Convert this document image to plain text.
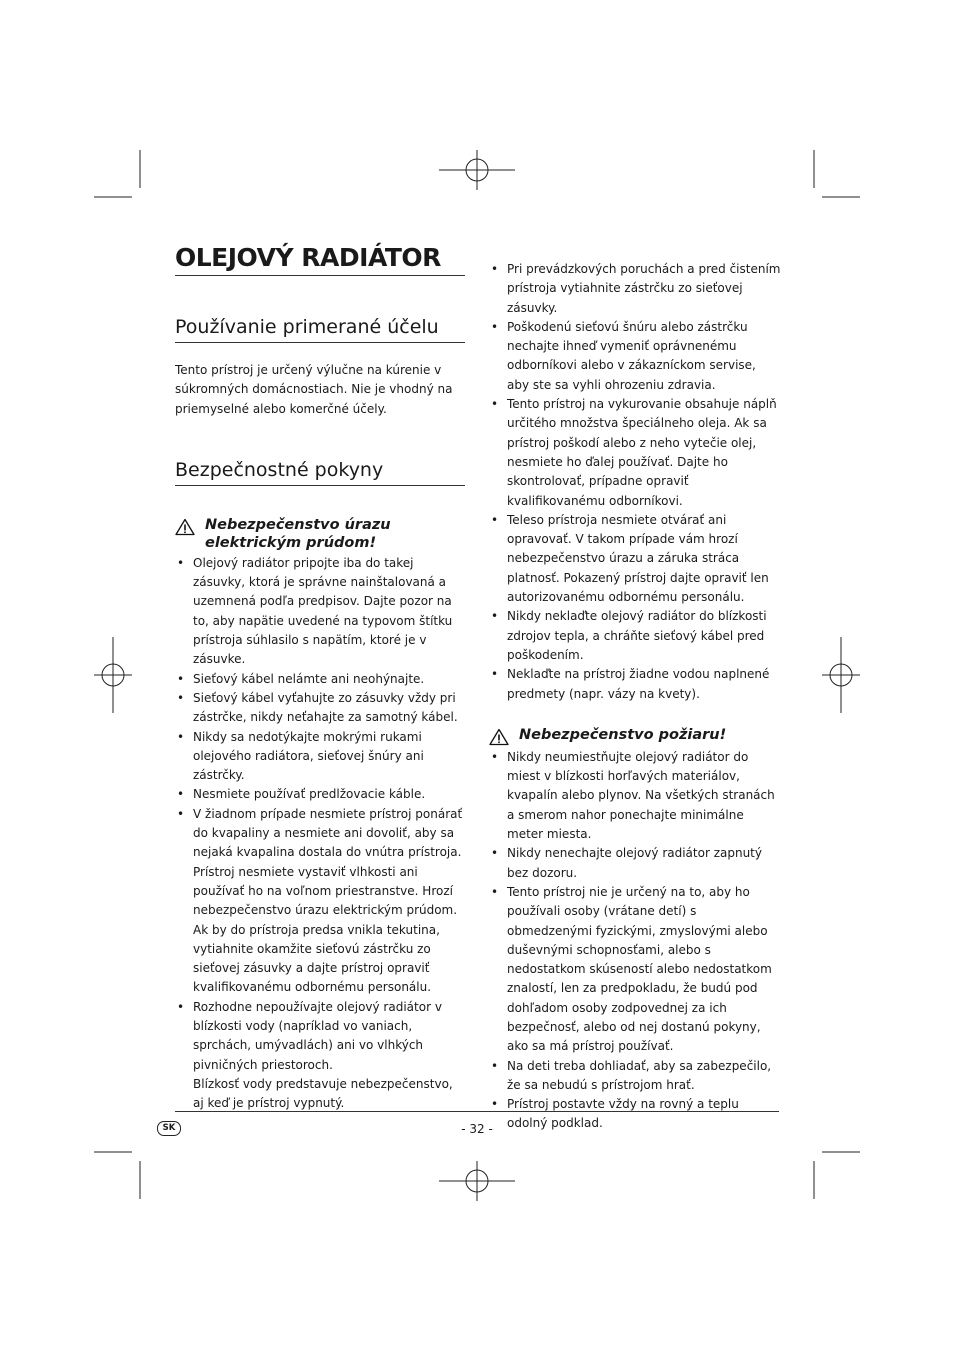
OLEJOVÝ RADIÁTOR
Používanie primerané účelu

Tento prístroj je určený výlučne na kúrenie v súkromných domácnostiach. Nie je vhodný na priemyselné alebo komerčné účely.

Bezpečnostné pokyny
Nebezpečenstvo úrazu elektrickým prúdom!
• Olejový radiátor pripojte iba do takej zásuvky, ktorá je správne nainštalovaná a uzemnená podľa predpisov. Dajte pozor na to, aby napätie uvedené na typovom štítku prístroja súhlasilo s napätím, ktoré je v zásuvke.
• Sieťový kábel nelámte ani neohýnajte.
• Sieťový kábel vyťahujte zo zásuvky vždy pri zástrčke, nikdy neťahajte za samotný kábel.
• Nikdy sa nedotýkajte mokrými rukami olejového radiátora, sieťovej šnúry ani zástrčky.
• Nesmiete používať predlžovacie káble.
• V žiadnom prípade nesmiete prístroj ponárať do kvapaliny a nesmiete ani dovoliť, aby sa nejaká kvapalina dostala do vnútra prístroja.
Prístroj nesmiete vystaviť vlhkosti ani používať ho na voľnom priestranstve. Hrozí nebezpečenstvo úrazu elektrickým prúdom. Ak by do prístroja predsa vnikla tekutina, vytiahnite okamžite sieťovú zástrčku zo sieťovej zásuvky a dajte prístroj opraviť kvalifikovanému odbornému personálu.
• Rozhodne nepoužívajte olejový radiátor v blízkosti vody (napríklad vo vaniach, sprchách, umývadlách) ani vo vlhkých pivničných priestoroch.
Blízkosť vody predstavuje nebezpečenstvo, aj keď je prístroj vypnutý.
• Pri prevádzkových poruchách a pred čistením prístroja vytiahnite zástrčku zo sieťovej zásuvky.
• Poškodenú sieťovú šnúru alebo zástrčku nechajte ihneď vymeniť oprávnenému odborníkovi alebo v zákazníckom servise, aby ste sa vyhli ohrozeniu zdravia.
• Tento prístroj na vykurovanie obsahuje náplň určitého množstva špeciálneho oleja. Ak sa prístroj poškodí alebo z neho vytečie olej, nesmiete ho ďalej používať. Dajte ho skontrolovať, prípadne opraviť kvalifikovanému odborníkovi.
• Teleso prístroja nesmiete otvárať ani opravovať. V takom prípade vám hrozí nebezpečenstvo úrazu a záruka stráca platnosť. Pokazený prístroj dajte opraviť len autorizovanému odbornému personálu.
• Nikdy neklaďte olejový radiátor do blízkosti zdrojov tepla, a chráňte sieťový kábel pred poškodením.
• Neklaďte na prístroj žiadne vodou naplnené predmety (napr. vázy na kvety).
Nebezpečenstvo požiaru!
• Nikdy neumiestňujte olejový radiátor do miest v blízkosti horľavých materiálov, kvapalín alebo plynov. Na všetkých stranách a smerom nahor ponechajte minimálne meter miesta.
• Nikdy nenechajte olejový radiátor zapnutý bez dozoru.
• Tento prístroj nie je určený na to, aby ho používali osoby (vrátane detí) s obmedzenými fyzickými, zmyslovými alebo duševnými schopnosťami, alebo s nedostatkom skúseností alebo nedostatkom znalostí, len za predpokladu, že budú pod dohľadom osoby zodpovednej za ich bezpečnosť, alebo od nej dostanú pokyny, ako sa má prístroj používať.
• Na deti treba dohliadať, aby sa zabezpečilo, že sa nebudú s prístrojom hrať.
• Prístroj postavte vždy na rovný a teplu odolný podklad.
SK	- 32 -
